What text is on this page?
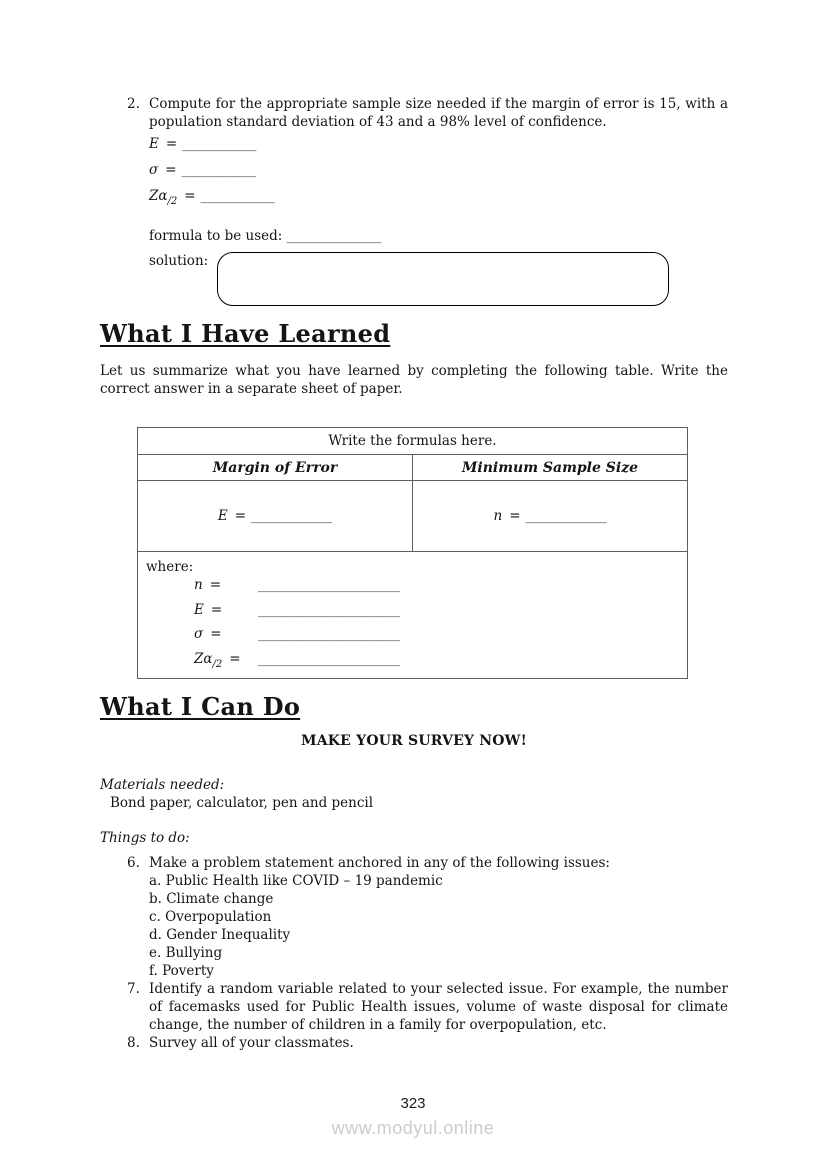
2. Compute for the appropriate sample size needed if the margin of error is 15, with a population standard deviation of 43 and a 98% level of confidence.
E = ___________
σ = ___________
$Z\alpha_{/2}$ = ___________
formula to be used: ______________
solution:
What I Have Learned
Let us summarize what you have learned by completing the following table. Write the correct answer in a separate sheet of paper.
Write the formulas here.	
Margin of Error	Minimum Sample Size
E = ____________	n = ____________

where:
n =	_____________________
E =	_____________________
σ =	_____________________
$Z\alpha_{/2}$ =	_____________________
What I Can Do
MAKE YOUR SURVEY NOW!
Materials needed:
Bond paper, calculator, pen and pencil
Things to do:
6. Make a problem statement anchored in any of the following issues:
a. Public Health like COVID – 19 pandemic
b. Climate change
c. Overpopulation
d. Gender Inequality
e. Bullying
f. Poverty
7. Identify a random variable related to your selected issue. For example, the number of facemasks used for Public Health issues, volume of waste disposal for climate change, the number of children in a family for overpopulation, etc.
8. Survey all of your classmates.
323
www.modyul.online
